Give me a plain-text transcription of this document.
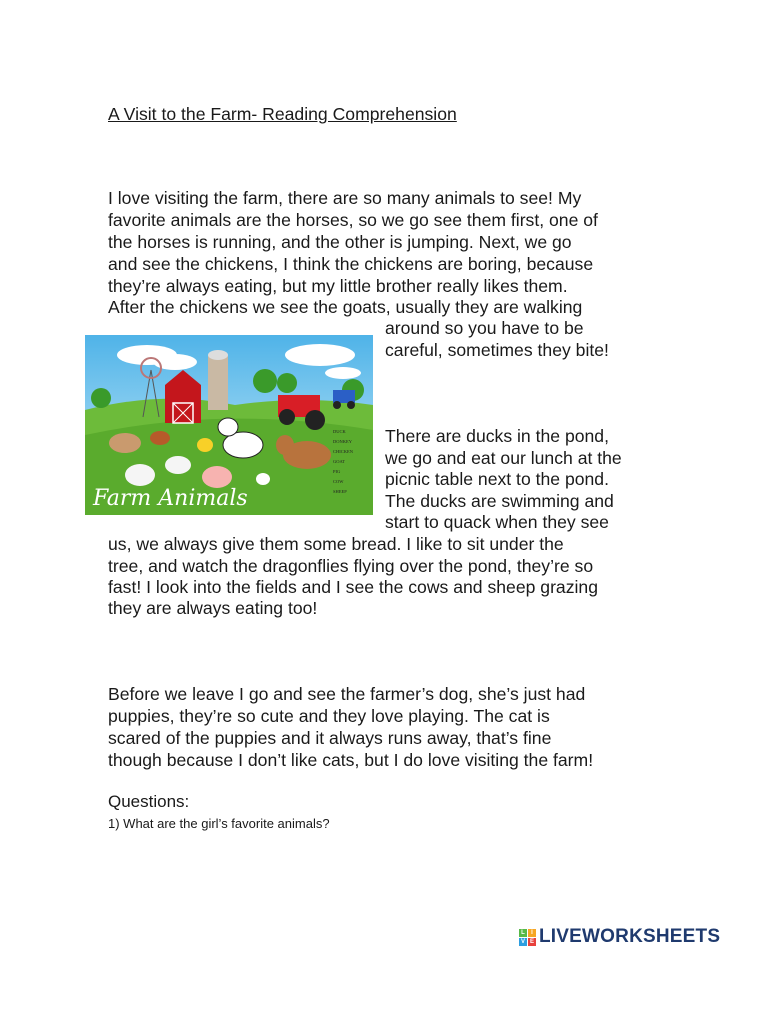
A Visit to the Farm- Reading Comprehension
I love visiting the farm, there are so many animals to see! My
favorite animals are the horses, so we go see them first, one of
the horses is running, and the other is jumping. Next, we go
and see the chickens, I think the chickens are boring, because
they’re always eating, but my little brother really likes them.
After the chickens we see the goats, usually they are walking
around so you have to be
careful, sometimes they bite!
There are ducks in the pond,
we go and eat our lunch at the
picnic table next to the pond.
The ducks are swimming and
start to quack when they see
us, we always give them some bread. I like to sit under the
tree, and watch the dragonflies flying over the pond, they’re so
fast! I look into the fields and I see the cows and sheep grazing
they are always eating too!
Before we leave I go and see the farmer’s dog, she’s just had
puppies, they’re so cute and they love playing. The cat is
scared of the puppies and it always runs away, that’s fine
though because I don’t like cats, but I do love visiting the farm!
DUCK
DONKEY
CHICKEN
GOAT
PIG
COW
SHEEP
Farm Animals
Questions:
1) What are the girl’s favorite animals?
L	I
V E LIVEWORKSHEETS
